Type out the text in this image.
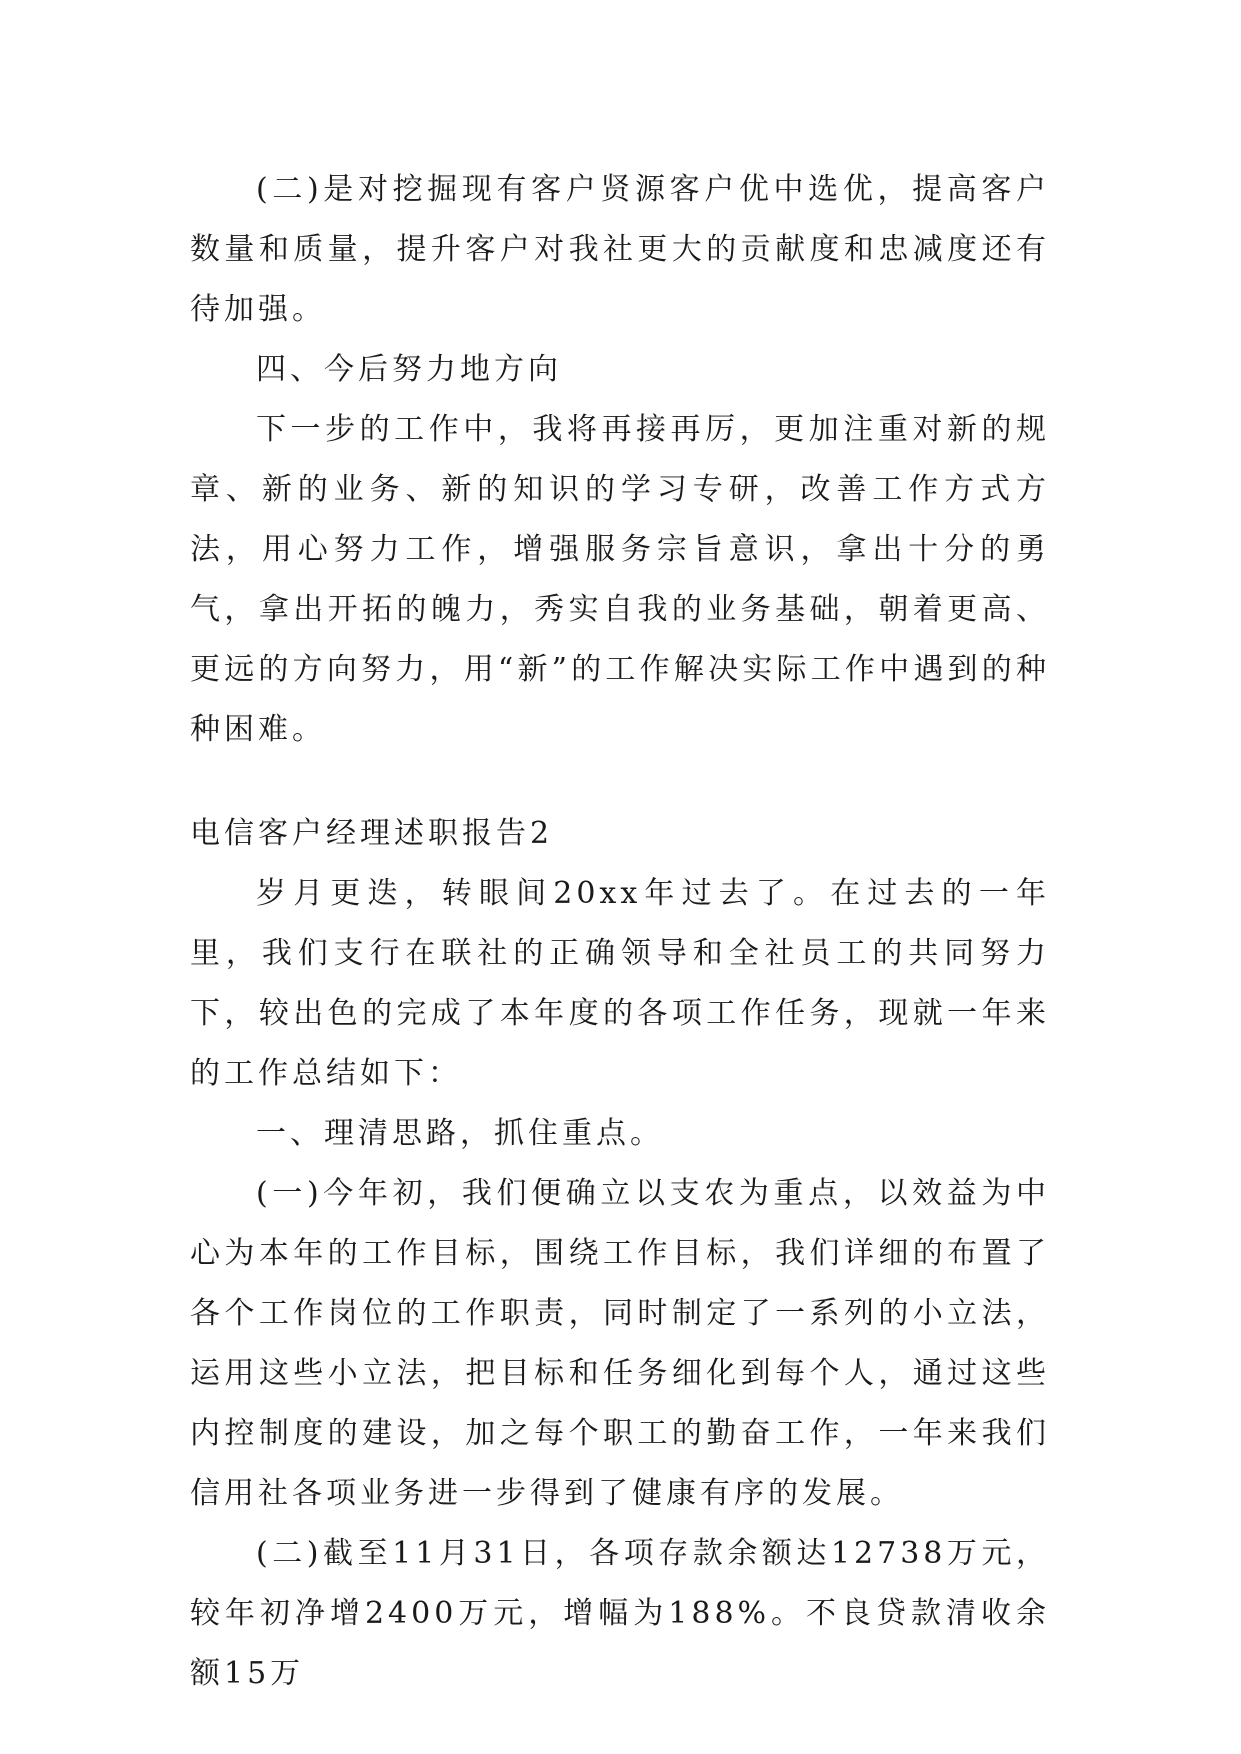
(二)是对挖掘现有客户贤源客户优中选优，提高客户数量和质量，提升客户对我社更大的贡献度和忠减度还有待加强。

四、今后努力地方向

下一步的工作中，我将再接再厉，更加注重对新的规章、新的业务、新的知识的学习专研，改善工作方式方法，用心努力工作，增强服务宗旨意识，拿出十分的勇气，拿出开拓的魄力，秀实自我的业务基础，朝着更高、更远的方向努力，用“新”的工作解决实际工作中遇到的种种困难。

电信客户经理述职报告2

岁月更迭，转眼间20xx年过去了。在过去的一年里，我们支行在联社的正确领导和全社员工的共同努力下，较出色的完成了本年度的各项工作任务，现就一年来的工作总结如下：

一、理清思路，抓住重点。

(一)今年初，我们便确立以支农为重点，以效益为中心为本年的工作目标，围绕工作目标，我们详细的布置了各个工作岗位的工作职责，同时制定了一系列的小立法，运用这些小立法，把目标和任务细化到每个人，通过这些内控制度的建设，加之每个职工的勤奋工作，一年来我们信用社各项业务进一步得到了健康有序的发展。

(二)截至11月31日，各项存款余额达12738万元，较年初净增2400万元，增幅为188%。不良贷款清收余额15万
